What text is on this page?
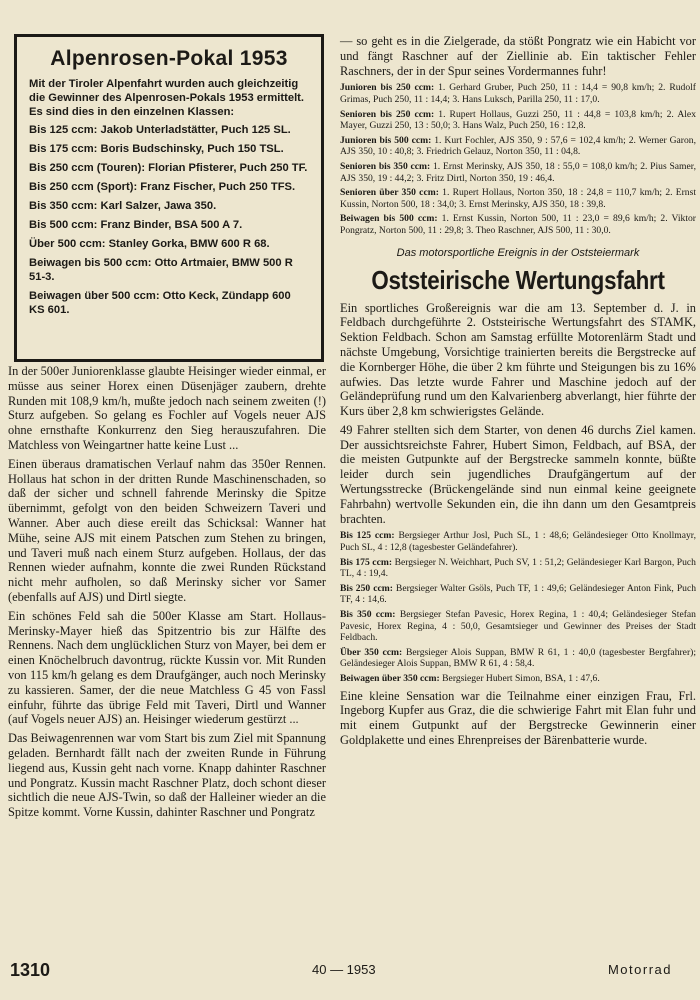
Alpenrosen-Pokal 1953

Mit der Tiroler Alpenfahrt wurden auch gleichzeitig die Gewinner des Alpenrosen-Pokals 1953 ermittelt. Es sind dies in den einzelnen Klassen:

Bis 125 ccm: Jakob Unterladstätter, Puch 125 SL.

Bis 175 ccm: Boris Budschinsky, Puch 150 TSL.

Bis 250 ccm (Touren): Florian Pfisterer, Puch 250 TF.

Bis 250 ccm (Sport): Franz Fischer, Puch 250 TFS.

Bis 350 ccm: Karl Salzer, Jawa 350.

Bis 500 ccm: Franz Binder, BSA 500 A 7.

Über 500 ccm: Stanley Gorka, BMW 600 R 68.

Beiwagen bis 500 ccm: Otto Artmaier, BMW 500 R 51-3.

Beiwagen über 500 ccm: Otto Keck, Zündapp 600 KS 601.

In der 500er Juniorenklasse glaubte Heisinger wieder einmal, er müsse aus seiner Horex einen Düsenjäger zaubern, drehte Runden mit 108,9 km/h, mußte jedoch nach seinem zweiten (!) Sturz aufgeben. So gelang es Fochler auf Vogels neuer AJS ohne ernsthafte Konkurrenz den Sieg herauszufahren. Die Matchless von Weingartner hatte keine Lust ...

Einen überaus dramatischen Verlauf nahm das 350er Rennen. Hollaus hat schon in der dritten Runde Maschinenschaden, so daß der sicher und schnell fahrende Merinsky die Spitze übernimmt, gefolgt von den beiden Schweizern Taveri und Wanner. Aber auch diese ereilt das Schicksal: Wanner hat Mühe, seine AJS mit einem Patschen zum Stehen zu bringen, und Taveri muß nach einem Sturz aufgeben. Hollaus, der das Rennen wieder aufnahm, konnte die zwei Runden Rückstand nicht mehr aufholen, so daß Merinsky sicher vor Samer (ebenfalls auf AJS) und Dirtl siegte.

Ein schönes Feld sah die 500er Klasse am Start. Hollaus-Merinsky-Mayer hieß das Spitzentrio bis zur Hälfte des Rennens. Nach dem unglücklichen Sturz von Mayer, bei dem er einen Knöchelbruch davontrug, rückte Kussin vor. Mit Runden von 115 km/h gelang es dem Draufgänger, auch noch Merinsky zu kassieren. Samer, der die neue Matchless G 45 von Fassl einfuhr, führte das übrige Feld mit Taveri, Dirtl und Wanner (auf Vogels neuer AJS) an. Heisinger wiederum gestürzt ...

Das Beiwagenrennen war vom Start bis zum Ziel mit Spannung geladen. Bernhardt fällt nach der zweiten Runde in Führung liegend aus, Kussin geht nach vorne. Knapp dahinter Raschner und Pongratz. Kussin macht Raschner Platz, doch schont dieser sichtlich die neue AJS-Twin, so daß der Halleiner wieder an die Spitze kommt. Vorne Kussin, dahinter Raschner und Pongratz

— so geht es in die Zielgerade, da stößt Pongratz wie ein Habicht vor und fängt Raschner auf der Ziellinie ab. Ein taktischer Fehler Raschners, der in der Spur seines Vordermannes fuhr!

Junioren bis 250 ccm: 1. Gerhard Gruber, Puch 250, 11 : 14,4 = 90,8 km/h; 2. Rudolf Grimas, Puch 250, 11 : 14,4; 3. Hans Luksch, Parilla 250, 11 : 17,0.

Senioren bis 250 ccm: 1. Rupert Hollaus, Guzzi 250, 11 : 44,8 = 103,8 km/h; 2. Alex Mayer, Guzzi 250, 13 : 50,0; 3. Hans Walz, Puch 250, 16 : 12,8.

Junioren bis 500 ccm: 1. Kurt Fochler, AJS 350, 9 : 57,6 = 102,4 km/h; 2. Werner Garon, AJS 350, 10 : 40,8; 3. Friedrich Gelauz, Norton 350, 11 : 04,8.

Senioren bis 350 ccm: 1. Ernst Merinsky, AJS 350, 18 : 55,0 = 108,0 km/h; 2. Pius Samer, AJS 350, 19 : 44,2; 3. Fritz Dirtl, Norton 350, 19 : 46,4.

Senioren über 350 ccm: 1. Rupert Hollaus, Norton 350, 18 : 24,8 = 110,7 km/h; 2. Ernst Kussin, Norton 500, 18 : 34,0; 3. Ernst Merinsky, AJS 350, 18 : 39,8.

Beiwagen bis 500 ccm: 1. Ernst Kussin, Norton 500, 11 : 23,0 = 89,6 km/h; 2. Viktor Pongratz, Norton 500, 11 : 29,8; 3. Theo Raschner, AJS 500, 11 : 30,0.

Das motorsportliche Ereignis in der Oststeiermark

Oststeirische Wertungsfahrt

Ein sportliches Großereignis war die am 13. September d. J. in Feldbach durchgeführte 2. Oststeirische Wertungsfahrt des STAMK, Sektion Feldbach. Schon am Samstag erfüllte Motorenlärm Stadt und nächste Umgebung, Vorsichtige trainierten bereits die Bergstrecke auf die Kornberger Höhe, die über 2 km führte und Steigungen bis zu 16% aufwies. Das letzte wurde Fahrer und Maschine jedoch auf der Geländeprüfung rund um den Kalvarienberg abverlangt, hier führte der Kurs über 2,8 km schwierigstes Gelände.

49 Fahrer stellten sich dem Starter, von denen 46 durchs Ziel kamen. Der aussichtsreichste Fahrer, Hubert Simon, Feldbach, auf BSA, der die meisten Gutpunkte auf der Bergstrecke sammeln konnte, büßte leider durch sein jugendliches Draufgängertum auf der Wertungsstrecke (Brückengelände sind nun einmal keine geeignete Fahrbahn) wertvolle Sekunden ein, die ihn dann um den Gesamtpreis brachten.

Bis 125 ccm: Bergsieger Arthur Josl, Puch SL, 1 : 48,6; Geländesieger Otto Knollmayr, Puch SL, 4 : 12,8 (tagesbester Geländefahrer).

Bis 175 ccm: Bergsieger N. Weichhart, Puch SV, 1 : 51,2; Geländesieger Karl Bargon, Puch TL, 4 : 19,4.

Bis 250 ccm: Bergsieger Walter Gsöls, Puch TF, 1 : 49,6; Geländesieger Anton Fink, Puch TF, 4 : 14,6.

Bis 350 ccm: Bergsieger Stefan Pavesic, Horex Regina, 1 : 40,4; Geländesieger Stefan Pavesic, Horex Regina, 4 : 50,0, Gesamtsieger und Gewinner des Preises der Stadt Feldbach.

Über 350 ccm: Bergsieger Alois Suppan, BMW R 61, 1 : 40,0 (tagesbester Bergfahrer); Geländesieger Alois Suppan, BMW R 61, 4 : 58,4.

Beiwagen über 350 ccm: Bergsieger Hubert Simon, BSA, 1 : 47,6.

Eine kleine Sensation war die Teilnahme einer einzigen Frau, Frl. Ingeborg Kupfer aus Graz, die die schwierige Fahrt mit Elan fuhr und mit einem Gutpunkt auf der Bergstrecke Gewinnerin einer Goldplakette und eines Ehrenpreises der Bärenbatterie wurde.

1310	40 — 1953	Motorrad
